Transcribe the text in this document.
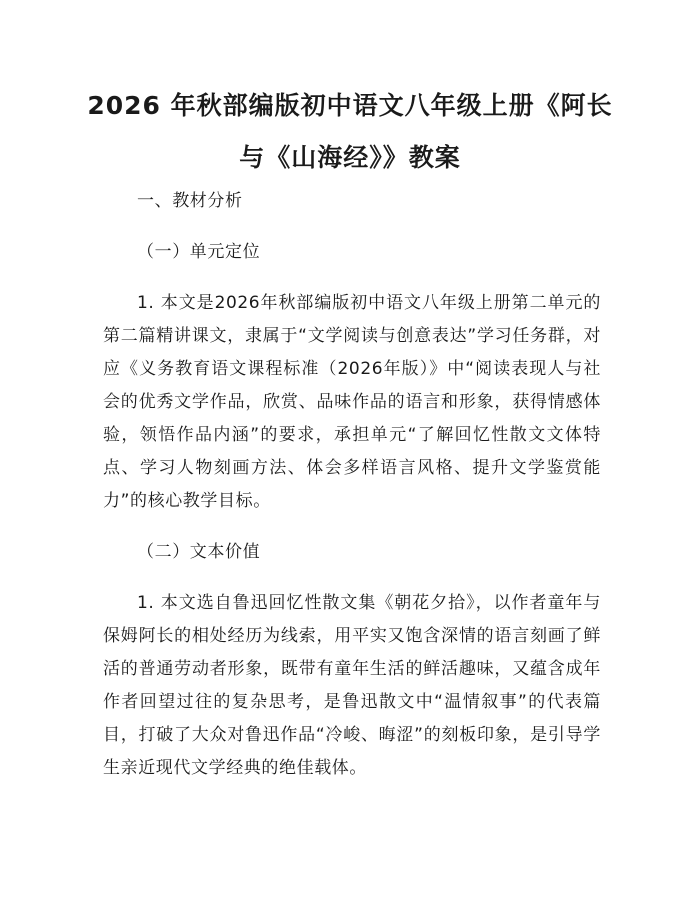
2026 年秋部编版初中语文八年级上册《阿长
与《山海经》》教案

一、教材分析

（一）单元定位

1. 本文是2026年秋部编版初中语文八年级上册第二单元的第二篇精讲课文，隶属于“文学阅读与创意表达”学习任务群，对应《义务教育语文课程标准（2026年版）》中“阅读表现人与社会的优秀文学作品，欣赏、品味作品的语言和形象，获得情感体验，领悟作品内涵”的要求，承担单元“了解回忆性散文文体特点、学习人物刻画方法、体会多样语言风格、提升文学鉴赏能力”的核心教学目标。

（二）文本价值

1. 本文选自鲁迅回忆性散文集《朝花夕拾》，以作者童年与保姆阿长的相处经历为线索，用平实又饱含深情的语言刻画了鲜活的普通劳动者形象，既带有童年生活的鲜活趣味，又蕴含成年作者回望过往的复杂思考，是鲁迅散文中“温情叙事”的代表篇目，打破了大众对鲁迅作品“冷峻、晦涩”的刻板印象，是引导学生亲近现代文学经典的绝佳载体。
